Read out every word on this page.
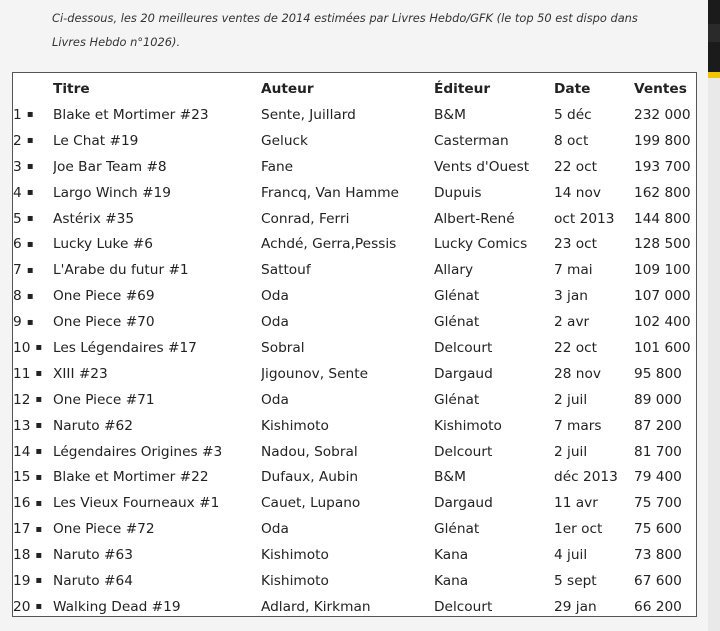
Ci-dessous, les 20 meilleures ventes de 2014 estimées par Livres Hebdo/GFK (le top 50 est dispo dans

Livres Hebdo n°1026).

	Titre	Auteur	Éditeur	Date	Ventes
1 ▪	Blake et Mortimer #23	Sente, Juillard	B&M	5 déc	232 000
2 ▪	Le Chat #19	Geluck	Casterman	8 oct	199 800
3 ▪	Joe Bar Team #8	Fane	Vents d'Ouest	22 oct	193 700
4 ▪	Largo Winch #19	Francq, Van Hamme	Dupuis	14 nov	162 800
5 ▪	Astérix #35	Conrad, Ferri	Albert-René	oct 2013	144 800
6 ▪	Lucky Luke #6	Achdé, Gerra,Pessis	Lucky Comics	23 oct	128 500
7 ▪	L'Arabe du futur #1	Sattouf	Allary	7 mai	109 100
8 ▪	One Piece #69	Oda	Glénat	3 jan	107 000
9 ▪	One Piece #70	Oda	Glénat	2 avr	102 400
10 ▪	Les Légendaires #17	Sobral	Delcourt	22 oct	101 600
11 ▪	XIII #23	Jigounov, Sente	Dargaud	28 nov	95 800
12 ▪	One Piece #71	Oda	Glénat	2 juil	89 000
13 ▪	Naruto #62	Kishimoto	Kishimoto	7 mars	87 200
14 ▪	Légendaires Origines #3	Nadou, Sobral	Delcourt	2 juil	81 700
15 ▪	Blake et Mortimer #22	Dufaux, Aubin	B&M	déc 2013	79 400
16 ▪	Les Vieux Fourneaux #1	Cauet, Lupano	Dargaud	11 avr	75 700
17 ▪	One Piece #72	Oda	Glénat	1er oct	75 600
18 ▪	Naruto #63	Kishimoto	Kana	4 juil	73 800
19 ▪	Naruto #64	Kishimoto	Kana	5 sept	67 600
20 ▪	Walking Dead #19	Adlard, Kirkman	Delcourt	29 jan	66 200
